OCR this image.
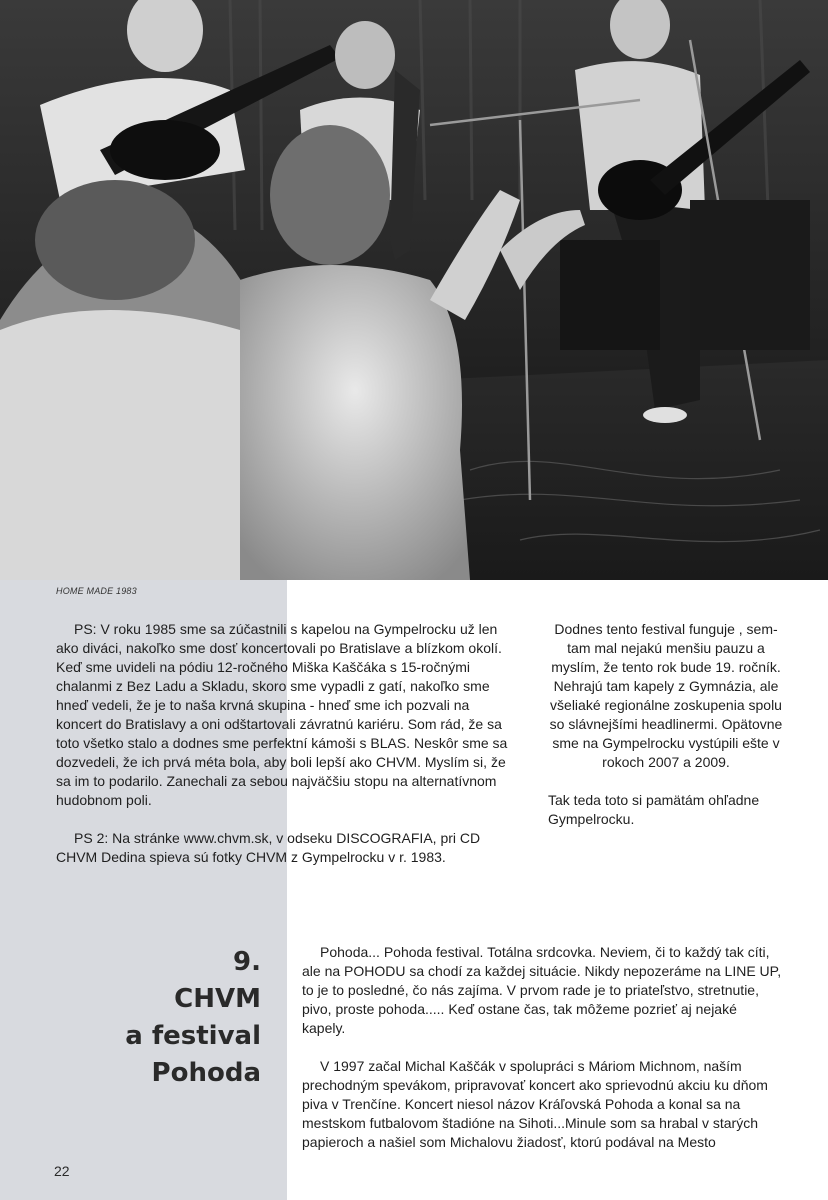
HOME MADE 1983

PS: V roku 1985 sme sa zúčastnili s kapelou na Gympelrocku už len ako diváci, nakoľko sme dosť koncertovali po Bratislave a blízkom okolí. Keď sme uvideli na pódiu 12-ročného Miška Kaščáka s 15-ročnými chalanmi z Bez Ladu a Skladu, skoro sme vypadli z gatí, nakoľko sme hneď vedeli, že je to naša krvná skupina - hneď sme ich pozvali na koncert do Bratislavy a oni odštartovali závratnú kariéru. Som rád, že sa toto všetko stalo a dodnes sme perfektní kámoši s BLAS. Neskôr sme sa dozvedeli, že ich prvá méta bola, aby boli lepší ako CHVM. Myslím si, že sa im to podarilo. Zanechali za sebou najväčšiu stopu na alternatívnom hudobnom poli.

PS 2: Na stránke www.chvm.sk, v odseku DISCOGRAFIA, pri CD CHVM Dedina spieva sú fotky CHVM z Gympelrocku v r. 1983.

Dodnes tento festival funguje , sem-tam mal nejakú menšiu pauzu a myslím, že tento rok bude 19. ročník. Nehrajú tam kapely z Gymnázia, ale všeliaké regionálne zoskupenia spolu so slávnejšími headlinermi. Opätovne sme na Gympelrocku vystúpili ešte v rokoch 2007 a 2009.

Tak teda toto si pamätám ohľadne Gympelrocku.

9.
CHVM
a festival
Pohoda

Pohoda... Pohoda festival. Totálna srdcovka. Neviem, či to každý tak cíti, ale na POHODU sa chodí za každej situácie. Nikdy nepozeráme na LINE UP, to je to posledné, čo nás zajíma. V prvom rade je to priateľstvo, stretnutie, pivo, proste pohoda..... Keď ostane čas, tak môžeme pozrieť aj nejaké kapely.

V 1997 začal Michal Kaščák v spolupráci s Máriom Michnom, naším prechodným spevákom, pripravovať koncert ako sprievodnú akciu ku dňom piva v Trenčíne. Koncert niesol názov Kráľovská Pohoda a konal sa na mestskom futbalovom štadióne na Sihoti...Minule som sa hrabal v starých papieroch a našiel som Michalovu žiadosť, ktorú podával na Mesto

22
